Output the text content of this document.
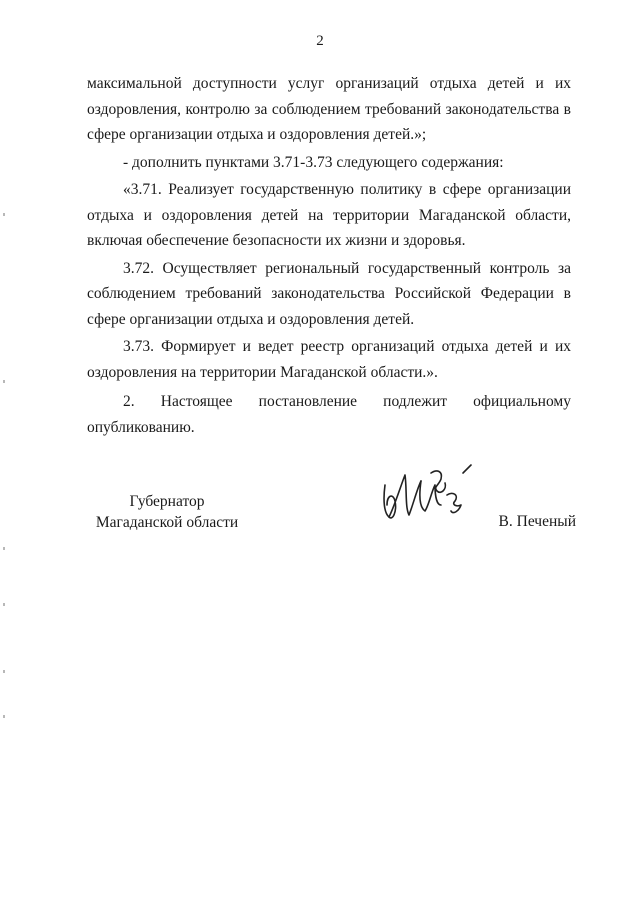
2

максимальной доступности услуг организаций отдыха детей и их оздоровления, контролю за соблюдением требований законодательства в сфере организации отдыха и оздоровления детей.»;

- дополнить пунктами 3.71-3.73 следующего содержания:

«3.71. Реализует государственную политику в сфере организации отдыха и оздоровления детей на территории Магаданской области, включая обеспечение безопасности их жизни и здоровья.

3.72. Осуществляет региональный государственный контроль за соблюдением требований законодательства Российской Федерации в сфере организации отдыха и оздоровления детей.

3.73. Формирует и ведет реестр организаций отдыха детей и их оздоровления на территории Магаданской области.».

2. Настоящее постановление подлежит официальному опубликованию.

Губернатор
Магаданской области	В. Печеный
